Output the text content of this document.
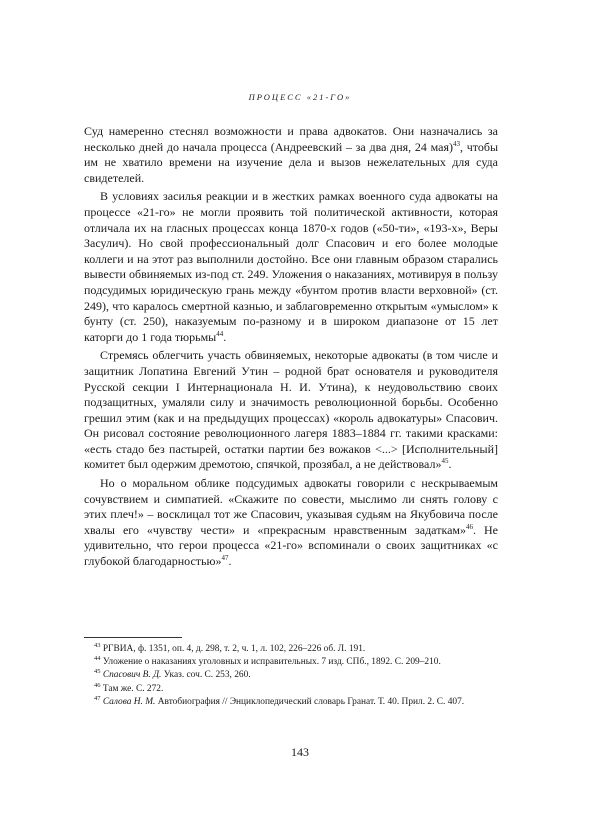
ПРОЦЕСС «21-ГО»

Суд намеренно стеснял возможности и права адвокатов. Они назначались за несколько дней до начала процесса (Андреевский – за два дня, 24 мая)$^{43}$, чтобы им не хватило времени на изучение дела и вызов нежелательных для суда свидетелей.

В условиях засилья реакции и в жестких рамках военного суда адвокаты на процессе «21-го» не могли проявить той политической активности, которая отличала их на гласных процессах конца 1870-х годов («50-ти», «193-х», Веры Засулич). Но свой профессиональный долг Спасович и его более молодые коллеги и на этот раз выполнили достойно. Все они главным образом старались вывести обвиняемых из-под ст. 249. Уложения о наказаниях, мотивируя в пользу подсудимых юридическую грань между «бунтом против власти верховной» (ст. 249), что каралось смертной казнью, и заблаговременно открытым «умыслом» к бунту (ст. 250), наказуемым по-разному и в широком диапазоне от 15 лет каторги до 1 года тюрьмы$^{44}$.

Стремясь облегчить участь обвиняемых, некоторые адвокаты (в том числе и защитник Лопатина Евгений Утин – родной брат основателя и руководителя Русской секции I Интернационала Н. И. Утина), к неудовольствию своих подзащитных, умаляли силу и значимость революционной борьбы. Особенно грешил этим (как и на предыдущих процессах) «король адвокатуры» Спасович. Он рисовал состояние революционного лагеря 1883–1884 гг. такими красками: «есть стадо без пастырей, остатки партии без вожаков <...> [Исполнительный] комитет был одержим дремотою, спячкой, прозябал, а не действовал»$^{45}$.

Но о моральном облике подсудимых адвокаты говорили с нескрываемым сочувствием и симпатией. «Скажите по совести, мыслимо ли снять голову с этих плеч!» – восклицал тот же Спасович, указывая судьям на Якубовича после хвалы его «чувству чести» и «прекрасным нравственным задаткам»$^{46}$. Не удивительно, что герои процесса «21-го» вспоминали о своих защитниках «с глубокой благодарностью»$^{47}$.

$^{43}$ РГВИА, ф. 1351, оп. 4, д. 298, т. 2, ч. 1, л. 102, 226–226 об. Л. 191.

$^{44}$ Уложение о наказаниях уголовных и исправительных. 7 изд. СПб., 1892. С. 209–210.

$^{45}$ Спасович В. Д. Указ. соч. С. 253, 260.

$^{46}$ Там же. С. 272.

$^{47}$ Салова Н. М. Автобиография // Энциклопедический словарь Гранат. Т. 40. Прил. 2. С. 407.

143
